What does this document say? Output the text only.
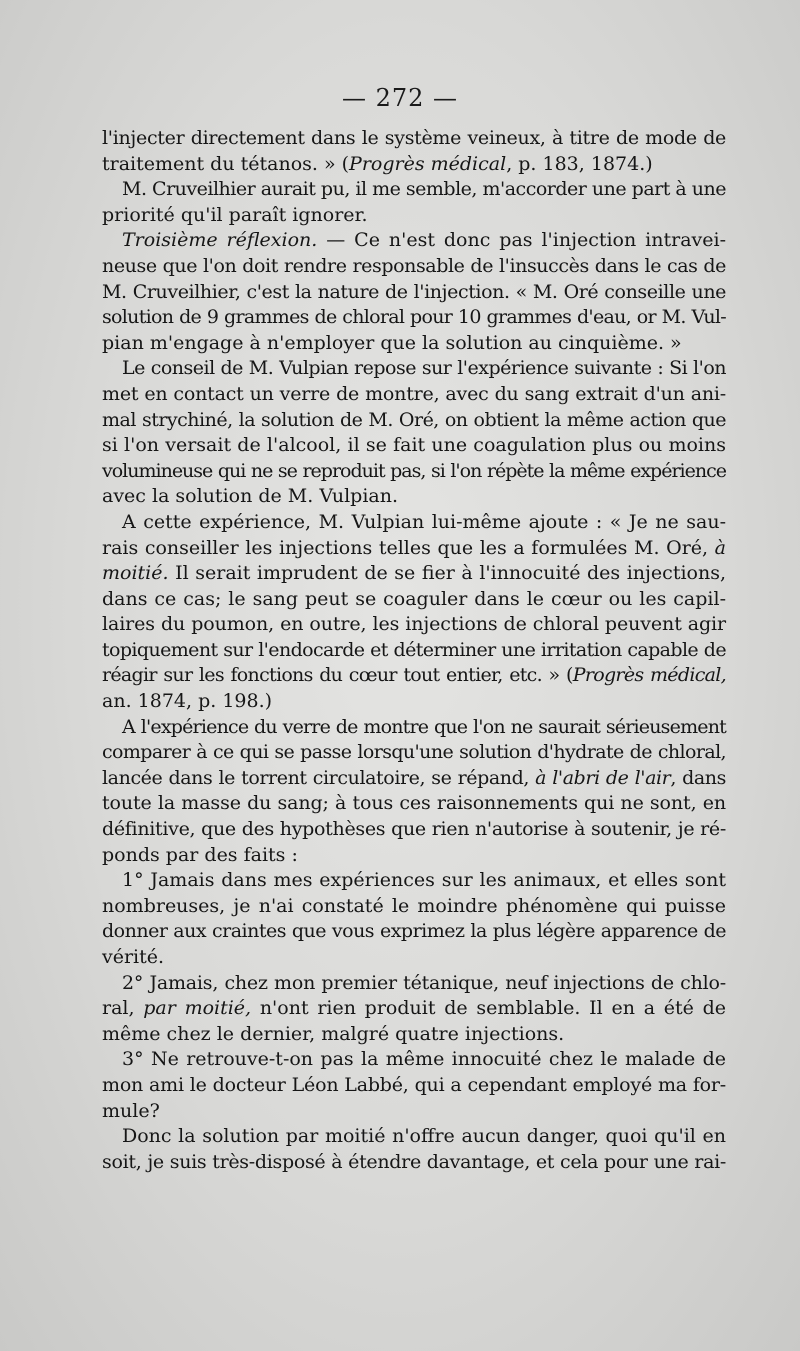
— 272 —
l'injecter directement dans le système veineux, à titre de mode de
traitement du tétanos. » (Progrès médical, p. 183, 1874.)
M. Cruveilhier aurait pu, il me semble, m'accorder une part à une
priorité qu'il paraît ignorer.
Troisième réflexion. — Ce n'est donc pas l'injection intravei-
neuse que l'on doit rendre responsable de l'insuccès dans le cas de
M. Cruveilhier, c'est la nature de l'injection. « M. Oré conseille une
solution de 9 grammes de chloral pour 10 grammes d'eau, or M. Vul-
pian m'engage à n'employer que la solution au cinquième. »
Le conseil de M. Vulpian repose sur l'expérience suivante : Si l'on
met en contact un verre de montre, avec du sang extrait d'un ani-
mal strychiné, la solution de M. Oré, on obtient la même action que
si l'on versait de l'alcool, il se fait une coagulation plus ou moins
volumineuse qui ne se reproduit pas, si l'on répète la même expérience
avec la solution de M. Vulpian.
A cette expérience, M. Vulpian lui-même ajoute : « Je ne sau-
rais conseiller les injections telles que les a formulées M. Oré, à
moitié. Il serait imprudent de se fier à l'innocuité des injections,
dans ce cas; le sang peut se coaguler dans le cœur ou les capil-
laires du poumon, en outre, les injections de chloral peuvent agir
topiquement sur l'endocarde et déterminer une irritation capable de
réagir sur les fonctions du cœur tout entier, etc. » (Progrès médical,
an. 1874, p. 198.)
A l'expérience du verre de montre que l'on ne saurait sérieusement
comparer à ce qui se passe lorsqu'une solution d'hydrate de chloral,
lancée dans le torrent circulatoire, se répand, à l'abri de l'air, dans
toute la masse du sang; à tous ces raisonnements qui ne sont, en
définitive, que des hypothèses que rien n'autorise à soutenir, je ré-
ponds par des faits :
1° Jamais dans mes expériences sur les animaux, et elles sont
nombreuses, je n'ai constaté le moindre phénomène qui puisse
donner aux craintes que vous exprimez la plus légère apparence de
vérité.
2° Jamais, chez mon premier tétanique, neuf injections de chlo-
ral, par moitié, n'ont rien produit de semblable. Il en a été de
même chez le dernier, malgré quatre injections.
3° Ne retrouve-t-on pas la même innocuité chez le malade de
mon ami le docteur Léon Labbé, qui a cependant employé ma for-
mule?
Donc la solution par moitié n'offre aucun danger, quoi qu'il en
soit, je suis très-disposé à étendre davantage, et cela pour une rai-
